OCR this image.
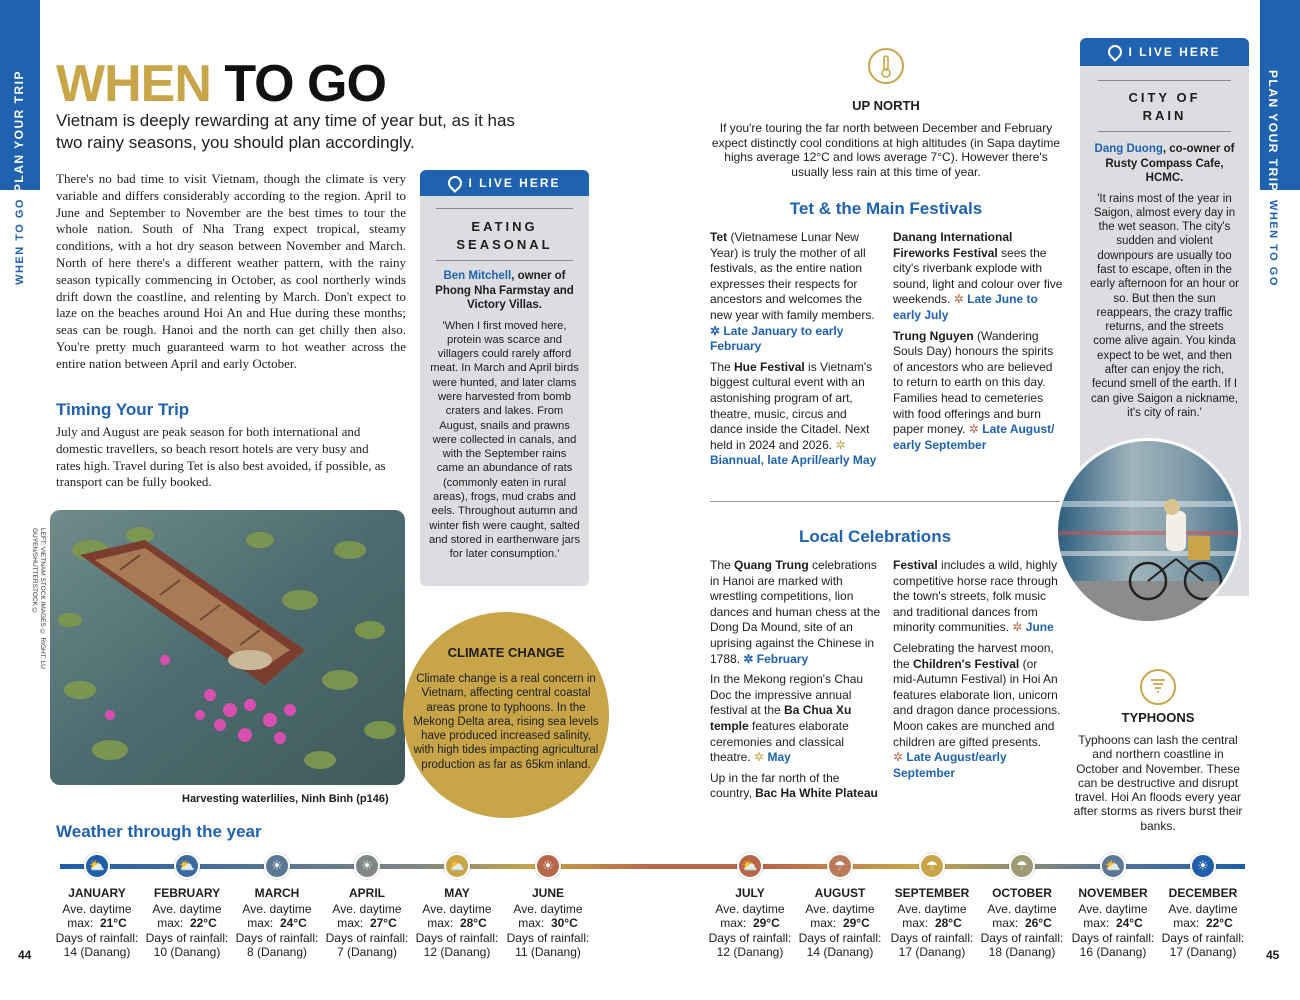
PLAN YOUR TRIP
WHEN TO GO
44
PLAN YOUR TRIP
WHEN TO GO
45
WHEN TO GO
Vietnam is deeply rewarding at any time of year but, as it has two rainy seasons, you should plan accordingly.
There's no bad time to visit Vietnam, though the climate is very variable and differs considerably according to the region. April to June and September to November are the best times to tour the whole nation. South of Nha Trang expect tropical, steamy conditions, with a hot dry season between November and March. North of here there's a different weather pattern, with the rainy season typically commencing in October, as cool northerly winds drift down the coastline, and relenting by March. Don't expect to laze on the beaches around Hoi An and Hue during these months; seas can be rough. Hanoi and the north can get chilly then also. You're pretty much guaranteed warm to hot weather across the entire nation between April and early October.
Timing Your Trip
July and August are peak season for both international and domestic travellers, so beach resort hotels are very busy and rates high. Travel during Tet is also best avoided, if possible, as transport can be fully booked.
LEFT: VIETNAM STOCK IMAGES © RIGHT: LU GUYEN/SHUTTERSTOCK ©
Harvesting waterlilies, Ninh Binh (p146)
I LIVE HERE
EATING
SEASONAL
Ben Mitchell, owner of Phong Nha Farmstay and Victory Villas.
'When I first moved here, protein was scarce and villagers could rarely afford meat. In March and April birds were hunted, and later clams were harvested from bomb craters and lakes. From August, snails and prawns were collected in canals, and with the September rains came an abundance of rats (commonly eaten in rural areas), frogs, mud crabs and eels. Throughout autumn and winter fish were caught, salted and stored in earthenware jars for later consumption.'
CLIMATE CHANGE
Climate change is a real concern in Vietnam, affecting central coastal areas prone to typhoons. In the Mekong Delta area, rising sea levels have produced increased salinity, with high tides impacting agricultural production as far as 65km inland.
UP NORTH
If you're touring the far north between December and February expect distinctly cool conditions at high altitudes (in Sapa daytime highs average 12°C and lows average 7°C). However there's usually less rain at this time of year.
Tet & the Main Festivals

Tet (Vietnamese Lunar New Year) is truly the mother of all festivals, as the entire nation expresses their respects for ancestors and welcomes the new year with family members.
✲ Late January to early February

The Hue Festival is Vietnam's biggest cultural event with an astonishing program of art, theatre, music, circus and dance inside the Citadel. Next held in 2024 and 2026. ✲
Biannual, late April/early May

Danang International Fireworks Festival sees the city's riverbank explode with sound, light and colour over five weekends. ✲ Late June to early July

Trung Nguyen (Wandering Souls Day) honours the spirits of ancestors who are believed to return to earth on this day. Families head to cemeteries with food offerings and burn paper money. ✲ Late August/ early September

Local Celebrations

The Quang Trung celebrations in Hanoi are marked with wrestling competitions, lion dances and human chess at the Dong Da Mound, site of an uprising against the Chinese in 1788. ✲ February

In the Mekong region's Chau Doc the impressive annual festival at the Ba Chua Xu temple features elaborate ceremonies and classical theatre. ✲ May

Up in the far north of the country, Bac Ha White Plateau

Festival includes a wild, highly competitive horse race through the town's streets, folk music and traditional dances from minority communities. ✲ June

Celebrating the harvest moon, the Children's Festival (or mid-Autumn Festival) in Hoi An features elaborate lion, unicorn and dragon dance processions. Moon cakes are munched and children are gifted presents.
✲ Late August/early September

I LIVE HERE
CITY OF
RAIN
Dang Duong, co-owner of Rusty Compass Cafe, HCMC.
'It rains most of the year in Saigon, almost every day in the wet season. The city's sudden and violent downpours are usually too fast to escape, often in the early afternoon for an hour or so. But then the sun reappears, the crazy traffic returns, and the streets come alive again. You kinda expect to be wet, and then after can enjoy the rich, fecund smell of the earth. If I can give Saigon a nickname, it's city of rain.'
TYPHOONS
Typhoons can lash the central and northern coastline in October and November. These can be destructive and disrupt travel. Hoi An floods every year after storms as rivers burst their banks.
Weather through the year
⛅
JANUARY
Ave. daytime
max: 21°C
Days of rainfall:
14 (Danang)
⛅
FEBRUARY
Ave. daytime
max: 22°C
Days of rainfall:
10 (Danang)
☀
MARCH
Ave. daytime
max: 24°C
Days of rainfall:
8 (Danang)
☀
APRIL
Ave. daytime
max: 27°C
Days of rainfall:
7 (Danang)
⛅
MAY
Ave. daytime
max: 28°C
Days of rainfall:
12 (Danang)
☀
JUNE
Ave. daytime
max: 30°C
Days of rainfall:
11 (Danang)
⛅
JULY
Ave. daytime
max: 29°C
Days of rainfall:
12 (Danang)
☂
AUGUST
Ave. daytime
max: 29°C
Days of rainfall:
14 (Danang)
☂
SEPTEMBER
Ave. daytime
max: 28°C
Days of rainfall:
17 (Danang)
☂
OCTOBER
Ave. daytime
max: 26°C
Days of rainfall:
18 (Danang)
⛅
NOVEMBER
Ave. daytime
max: 24°C
Days of rainfall:
16 (Danang)
☀
DECEMBER
Ave. daytime
max: 22°C
Days of rainfall:
17 (Danang)
